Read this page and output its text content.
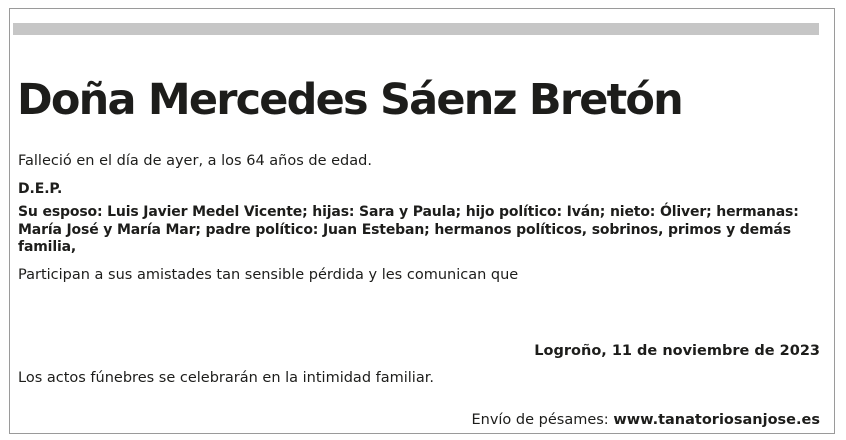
Doña Mercedes Sáenz Bretón

Falleció en el día de ayer, a los 64 años de edad.

D.E.P.

Su esposo: Luis Javier Medel Vicente; hijas: Sara y Paula; hijo político: Iván; nieto: Óliver; hermanas: María José y María Mar; padre político: Juan Esteban; hermanos políticos, sobrinos, primos y demás familia,

Participan a sus amistades tan sensible pérdida y les comunican que

Logroño, 11 de noviembre de 2023

Los actos fúnebres se celebrarán en la intimidad familiar.

Envío de pésames: www.tanatoriosanjose.es
